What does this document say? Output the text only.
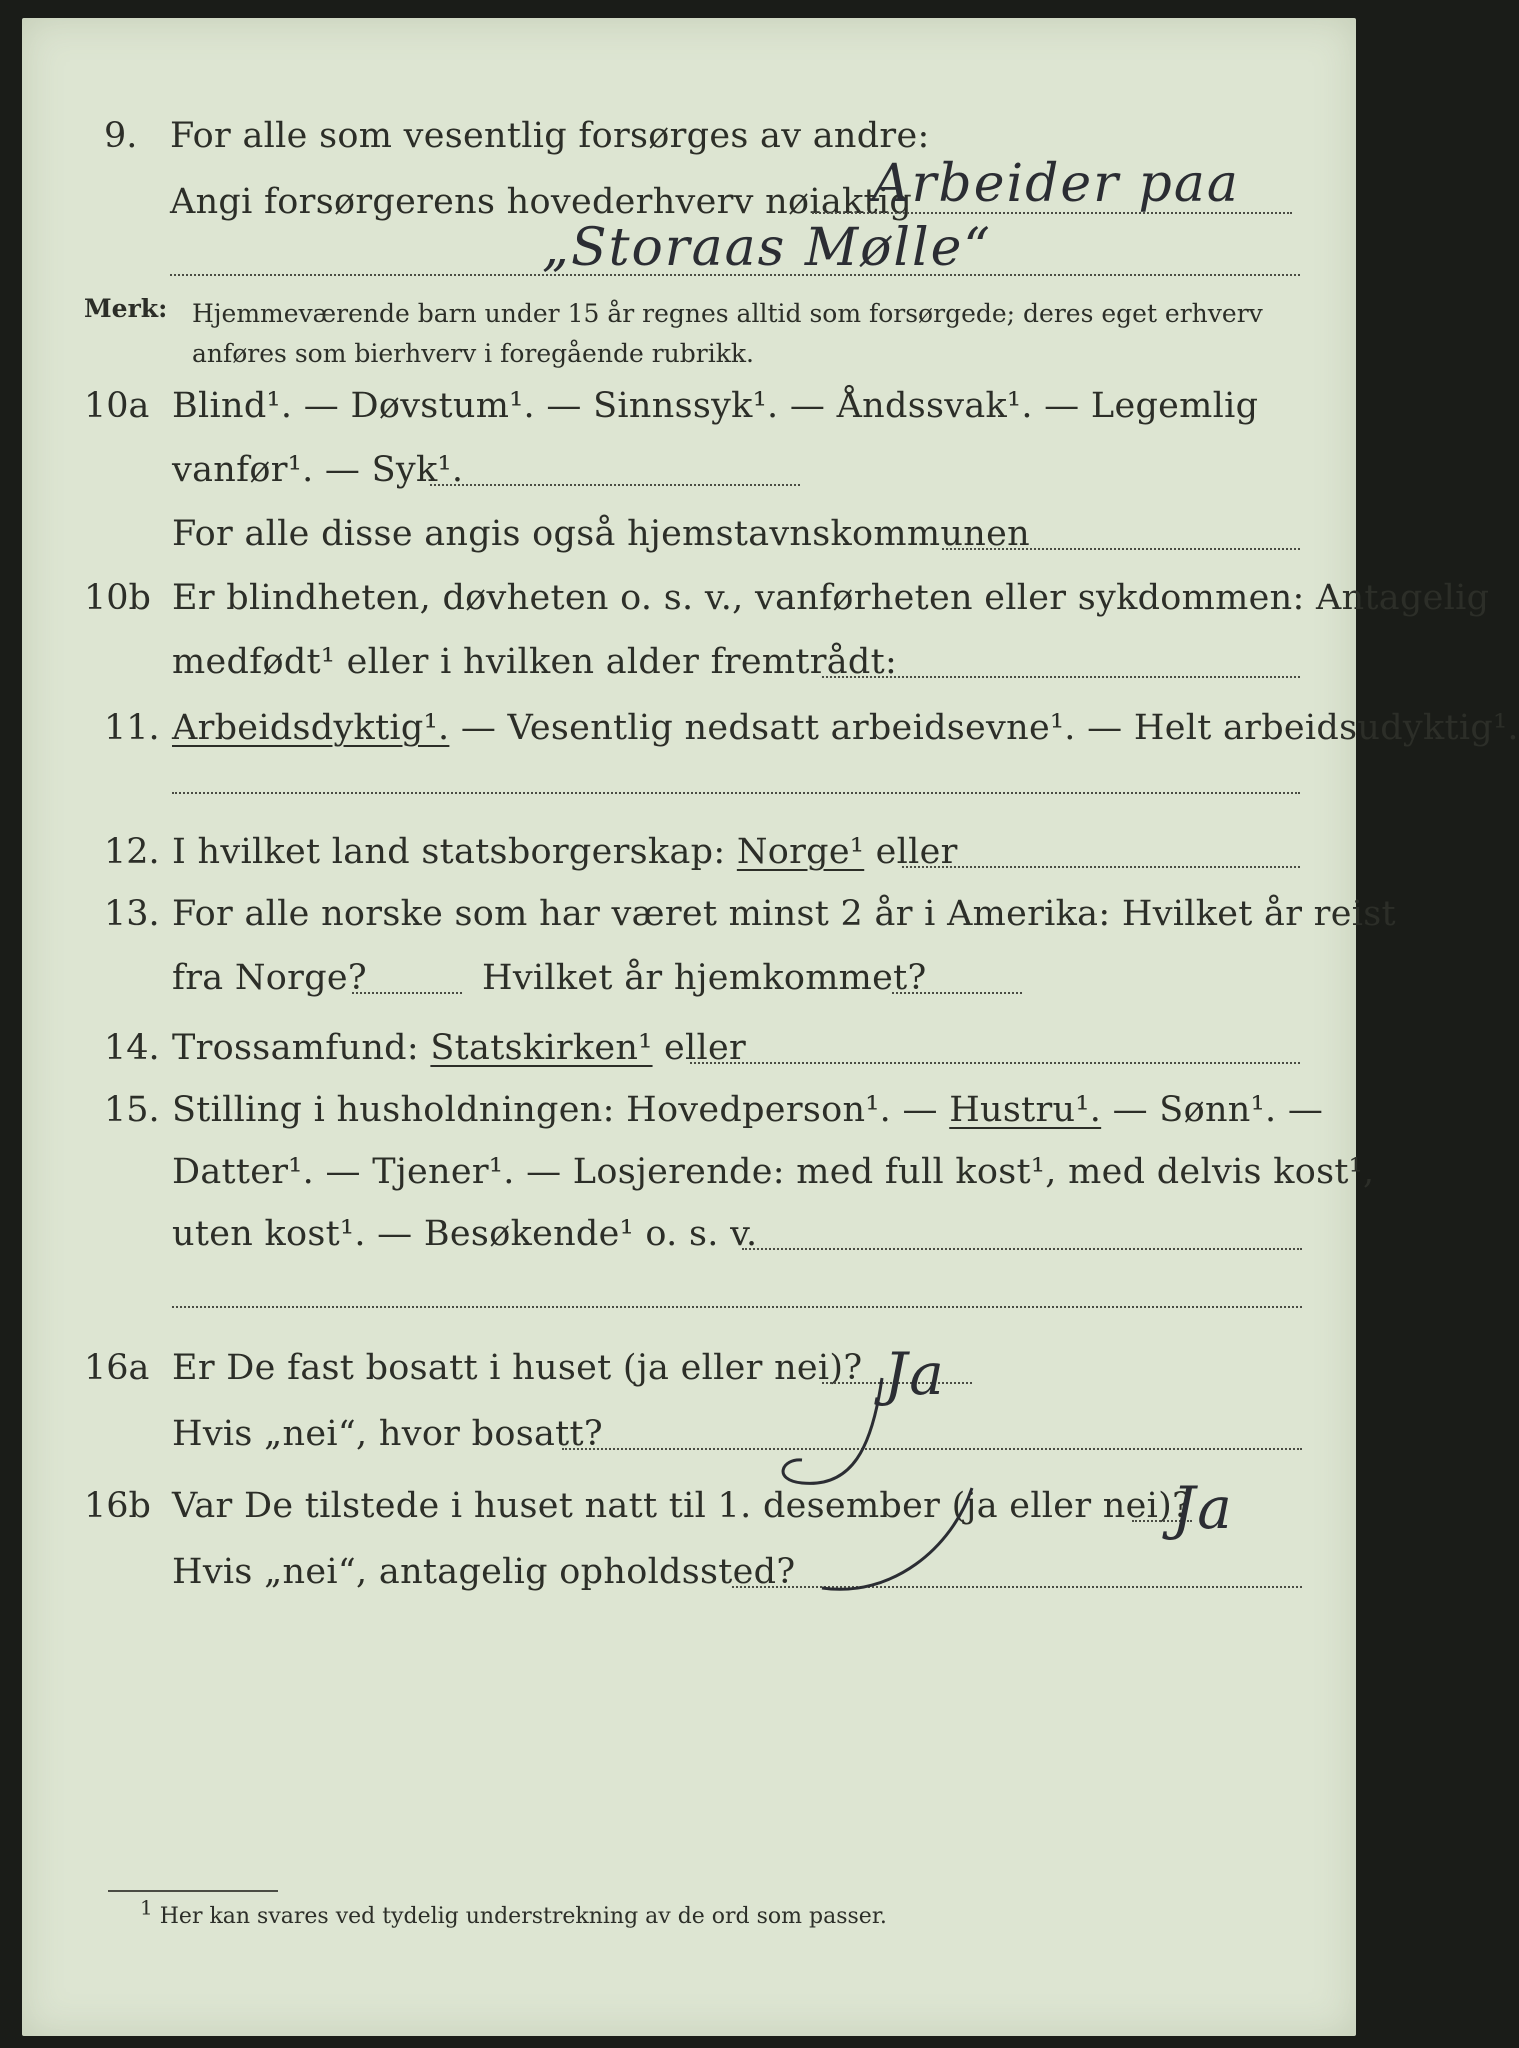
9. For alle som vesentlig forsørges av andre:
Angi forsørgerens hovederhverv nøiaktig
Arbeider paa
„Storaas Mølle“
Merk: Hjemmeværende barn under 15 år regnes alltid som forsørgede; deres eget erhverv
anføres som bierhverv i foregående rubrikk.
10a Blind¹. — Døvstum¹. — Sinnssyk¹. — Åndssvak¹. — Legemlig
vanfør¹. — Syk¹.
For alle disse angis også hjemstavnskommunen
10b Er blindheten, døvheten o. s. v., vanførheten eller sykdommen: Antagelig
medfødt¹ eller i hvilken alder fremtrådt:
11. Arbeidsdyktig¹. — Vesentlig nedsatt arbeidsevne¹. — Helt arbeidsudyktig¹.
12. I hvilket land statsborgerskap: Norge¹ eller
13. For alle norske som har været minst 2 år i Amerika: Hvilket år reist
fra Norge?	Hvilket år hjemkommet?
14. Trossamfund: Statskirken¹ eller
15. Stilling i husholdningen: Hovedperson¹. — Hustru¹. — Sønn¹. —
Datter¹. — Tjener¹. — Losjerende: med full kost¹, med delvis kost¹,
uten kost¹. — Besøkende¹ o. s. v.
16a Er De fast bosatt i huset (ja eller nei)? Ja
Hvis „nei“, hvor bosatt?
16b Var De tilstede i huset natt til 1. desember (ja eller nei)?
Ja
Hvis „nei“, antagelig opholdssted?
1 Her kan svares ved tydelig understrekning av de ord som passer.
